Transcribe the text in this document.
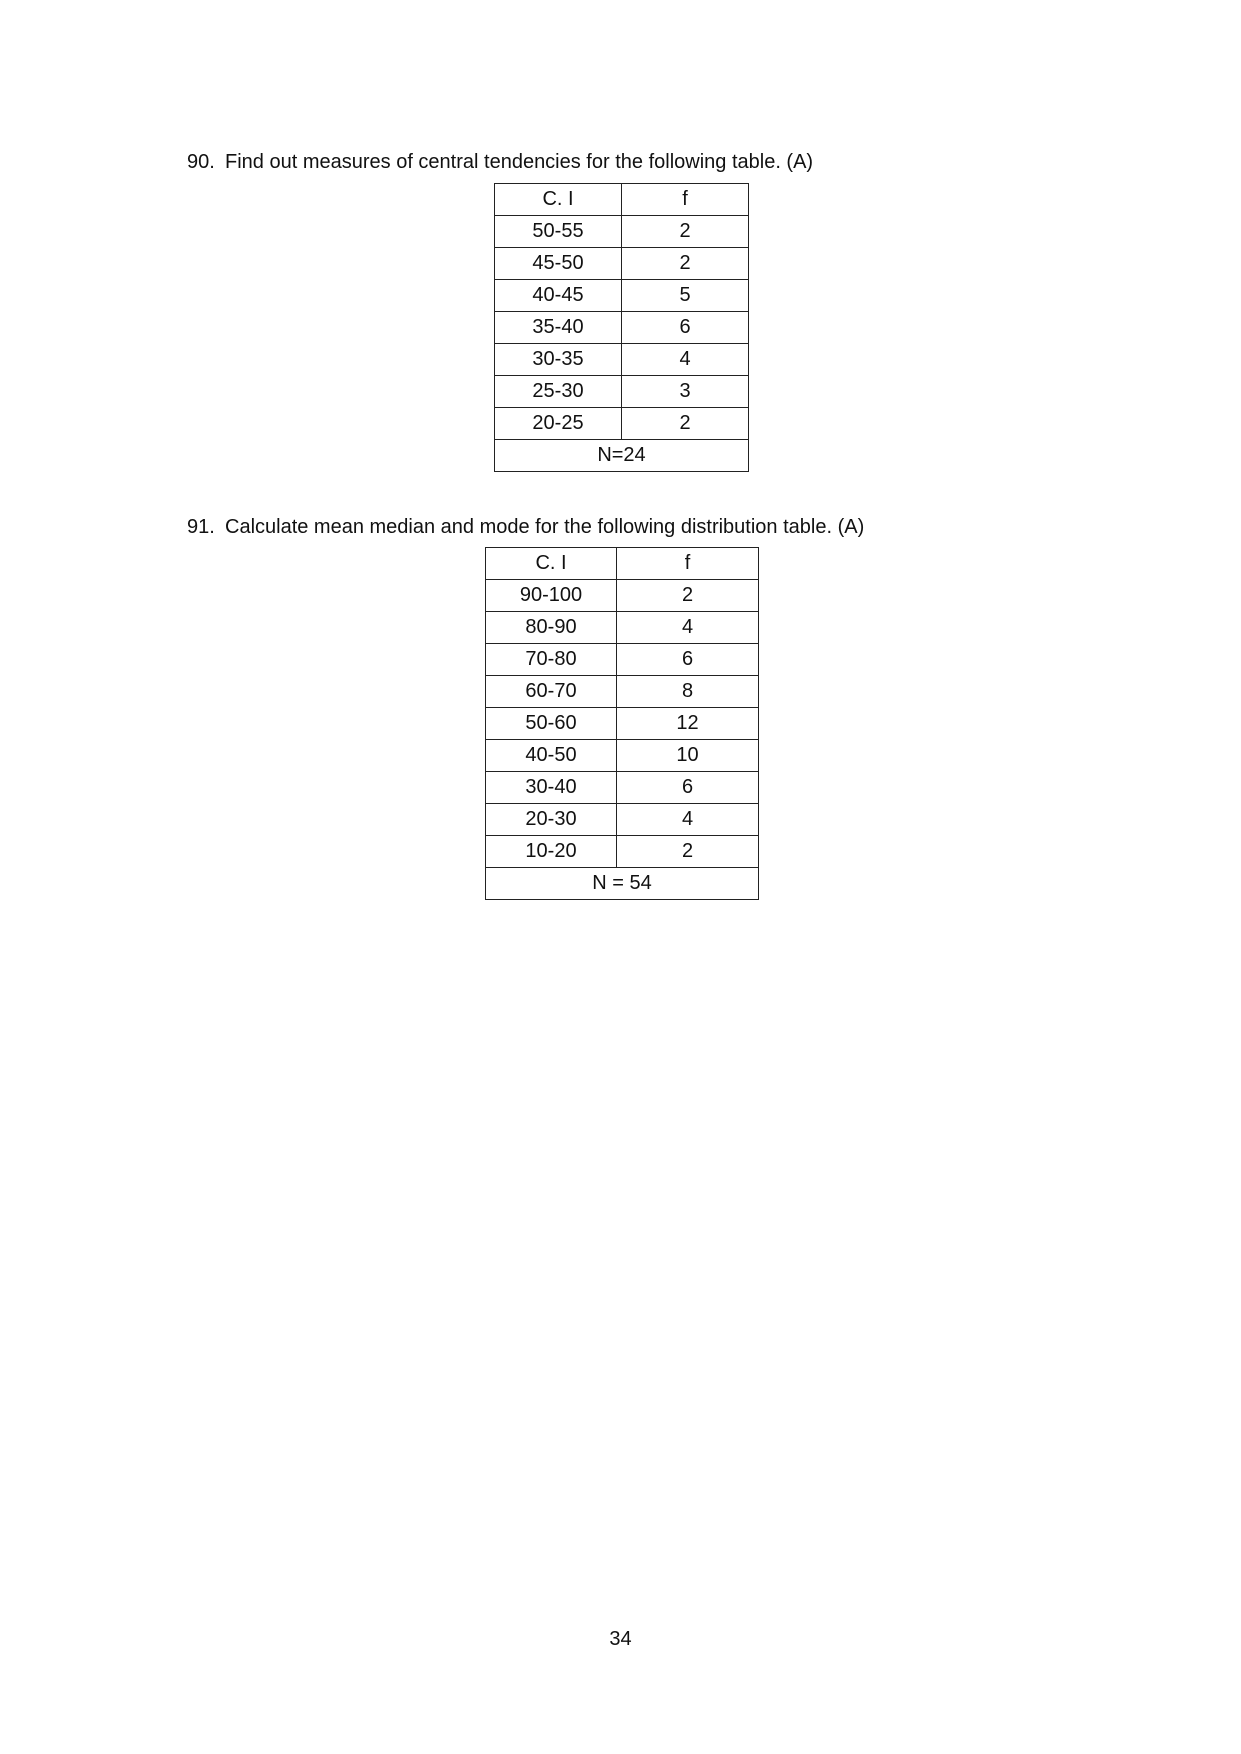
90. Find out measures of central tendencies for the following table. (A)
C. I	f
50-55	2
45-50	2
40-45	5
35-40	6
30-35	4
25-30	3
20-25	2
N=24	
91. Calculate mean median and mode for the following distribution table. (A)
C. I	f
90-100	2
80-90	4
70-80	6
60-70	8
50-60	12
40-50	10
30-40	6
20-30	4
10-20	2
N = 54	
34
